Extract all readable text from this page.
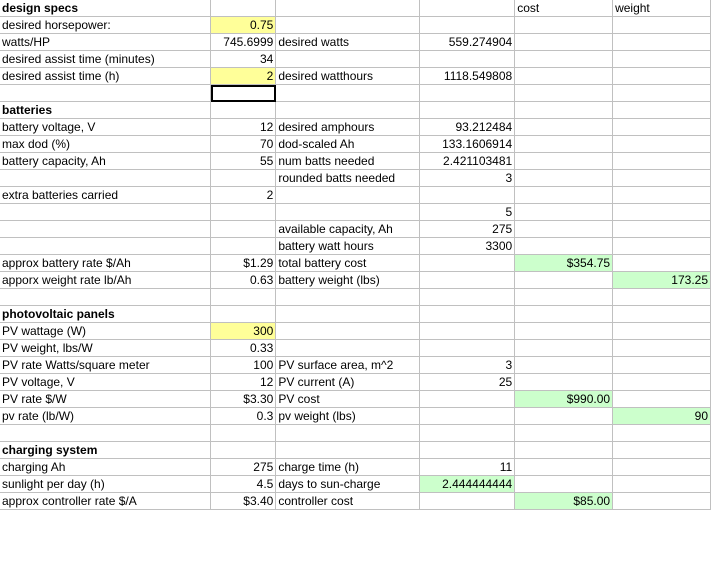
design specs				cost	weight
desired horsepower:	0.75				
watts/HP	745.6999	desired watts	559.274904		
desired assist time (minutes)	34				
desired assist time (h)	2	desired watthours	1118.549808		

batteries					
battery voltage, V	12	desired amphours	93.212484		
max dod (%)	70	dod-scaled Ah	133.1606914		
battery capacity, Ah	55	num batts needed	2.421103481		
		rounded batts needed	3		
extra batteries carried	2				
			5		
		available capacity, Ah	275		
		battery watt hours	3300		
approx battery rate $/Ah	$1.29	total battery cost		$354.75	
apporx weight rate lb/Ah	0.63	battery weight (lbs)			173.25

photovoltaic panels					
PV wattage (W)	300				
PV weight, lbs/W	0.33				
PV rate Watts/square meter	100	PV surface area, m^2	3		
PV voltage, V	12	PV current (A)	25		
PV rate $/W	$3.30	PV cost		$990.00	
pv rate (lb/W)	0.3	pv weight (lbs)			90

charging system					
charging Ah	275	charge time (h)	11		
sunlight per day (h)	4.5	days to sun-charge	2.444444444		
approx controller rate $/A	$3.40	controller cost		$85.00	
